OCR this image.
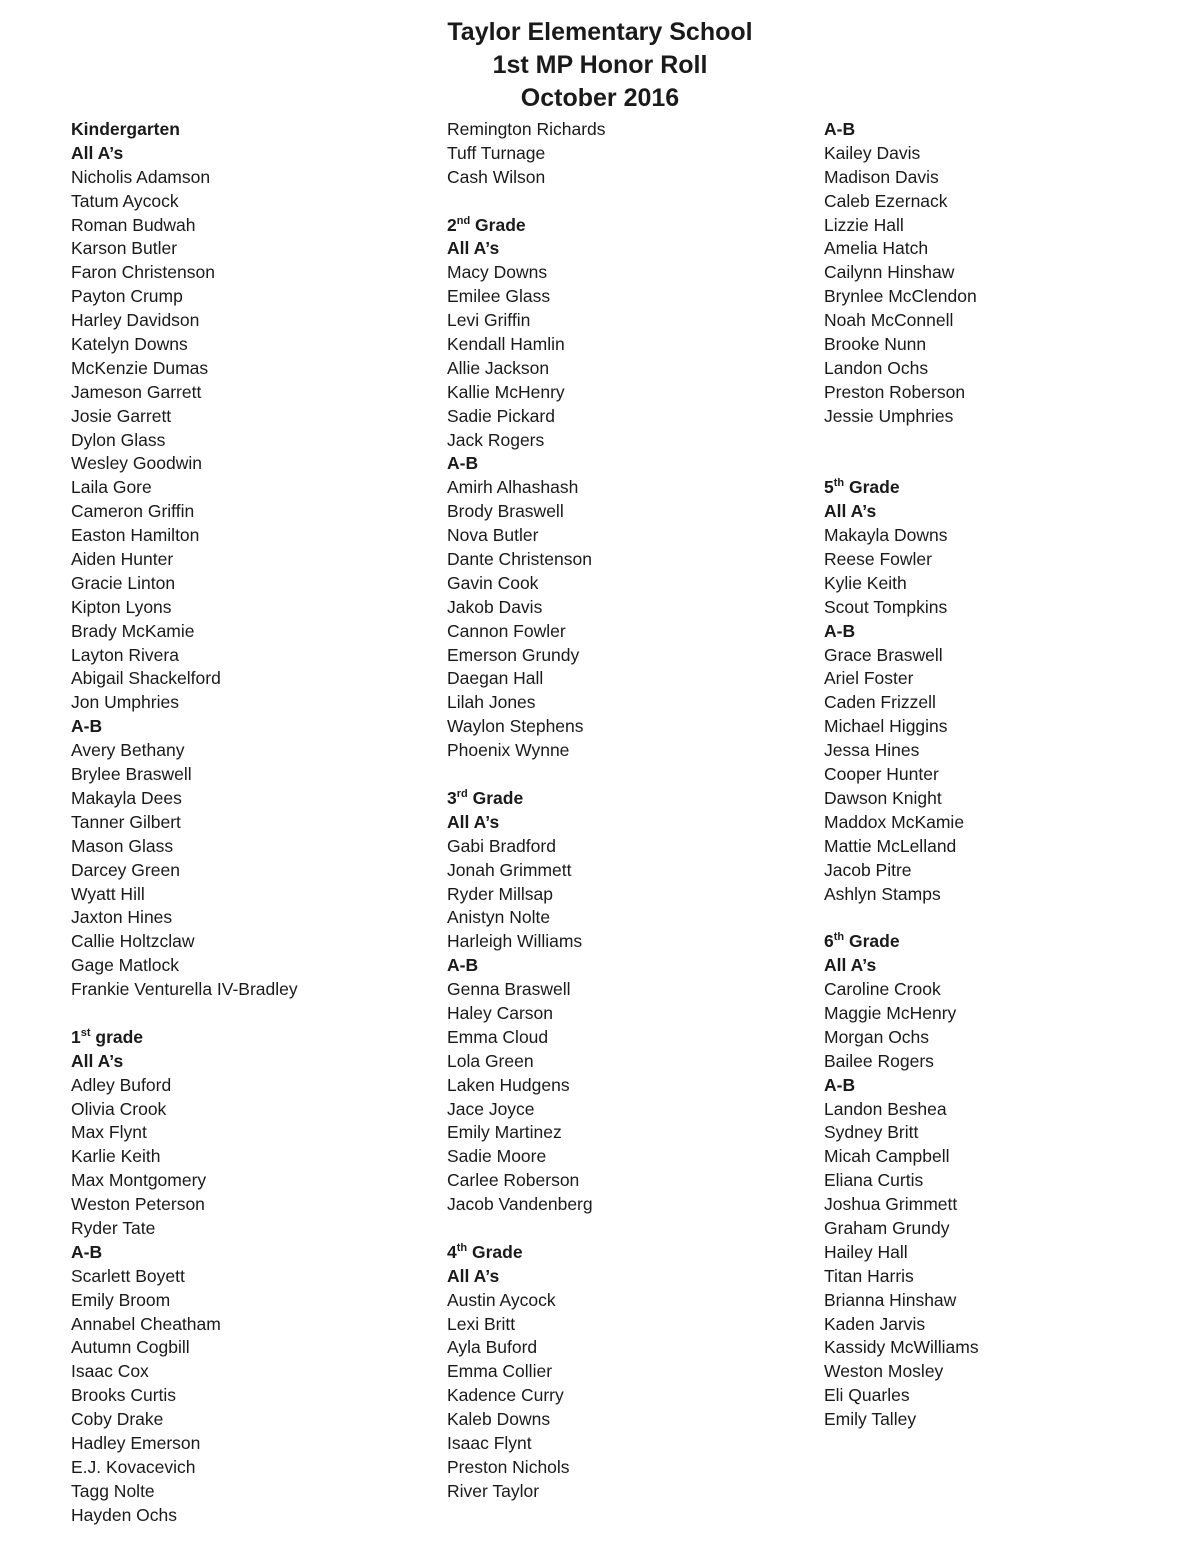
Taylor Elementary School
1st MP Honor Roll
October 2016
Kindergarten
All A’s
Nicholis Adamson
Tatum Aycock
Roman Budwah
Karson Butler
Faron Christenson
Payton Crump
Harley Davidson
Katelyn Downs
McKenzie Dumas
Jameson Garrett
Josie Garrett
Dylon Glass
Wesley Goodwin
Laila Gore
Cameron Griffin
Easton Hamilton
Aiden Hunter
Gracie Linton
Kipton Lyons
Brady McKamie
Layton Rivera
Abigail Shackelford
Jon Umphries
A-B
Avery Bethany
Brylee Braswell
Makayla Dees
Tanner Gilbert
Mason Glass
Darcey Green
Wyatt Hill
Jaxton Hines
Callie Holtzclaw
Gage Matlock
Frankie Venturella IV-Bradley
1st grade
All A’s
Adley Buford
Olivia Crook
Max Flynt
Karlie Keith
Max Montgomery
Weston Peterson
Ryder Tate
A-B
Scarlett Boyett
Emily Broom
Annabel Cheatham
Autumn Cogbill
Isaac Cox
Brooks Curtis
Coby Drake
Hadley Emerson
E.J. Kovacevich
Tagg Nolte
Hayden Ochs
Remington Richards
Tuff Turnage
Cash Wilson
2nd Grade
All A’s
Macy Downs
Emilee Glass
Levi Griffin
Kendall Hamlin
Allie Jackson
Kallie McHenry
Sadie Pickard
Jack Rogers
A-B
Amirh Alhashash
Brody Braswell
Nova Butler
Dante Christenson
Gavin Cook
Jakob Davis
Cannon Fowler
Emerson Grundy
Daegan Hall
Lilah Jones
Waylon Stephens
Phoenix Wynne
3rd Grade
All A’s
Gabi Bradford
Jonah Grimmett
Ryder Millsap
Anistyn Nolte
Harleigh Williams
A-B
Genna Braswell
Haley Carson
Emma Cloud
Lola Green
Laken Hudgens
Jace Joyce
Emily Martinez
Sadie Moore
Carlee Roberson
Jacob Vandenberg
4th Grade
All A’s
Austin Aycock
Lexi Britt
Ayla Buford
Emma Collier
Kadence Curry
Kaleb Downs
Isaac Flynt
Preston Nichols
River Taylor
A-B
Kailey Davis
Madison Davis
Caleb Ezernack
Lizzie Hall
Amelia Hatch
Cailynn Hinshaw
Brynlee McClendon
Noah McConnell
Brooke Nunn
Landon Ochs
Preston Roberson
Jessie Umphries
5th Grade
All A’s
Makayla Downs
Reese Fowler
Kylie Keith
Scout Tompkins
A-B
Grace Braswell
Ariel Foster
Caden Frizzell
Michael Higgins
Jessa Hines
Cooper Hunter
Dawson Knight
Maddox McKamie
Mattie McLelland
Jacob Pitre
Ashlyn Stamps
6th Grade
All A’s
Caroline Crook
Maggie McHenry
Morgan Ochs
Bailee Rogers
A-B
Landon Beshea
Sydney Britt
Micah Campbell
Eliana Curtis
Joshua Grimmett
Graham Grundy
Hailey Hall
Titan Harris
Brianna Hinshaw
Kaden Jarvis
Kassidy McWilliams
Weston Mosley
Eli Quarles
Emily Talley
